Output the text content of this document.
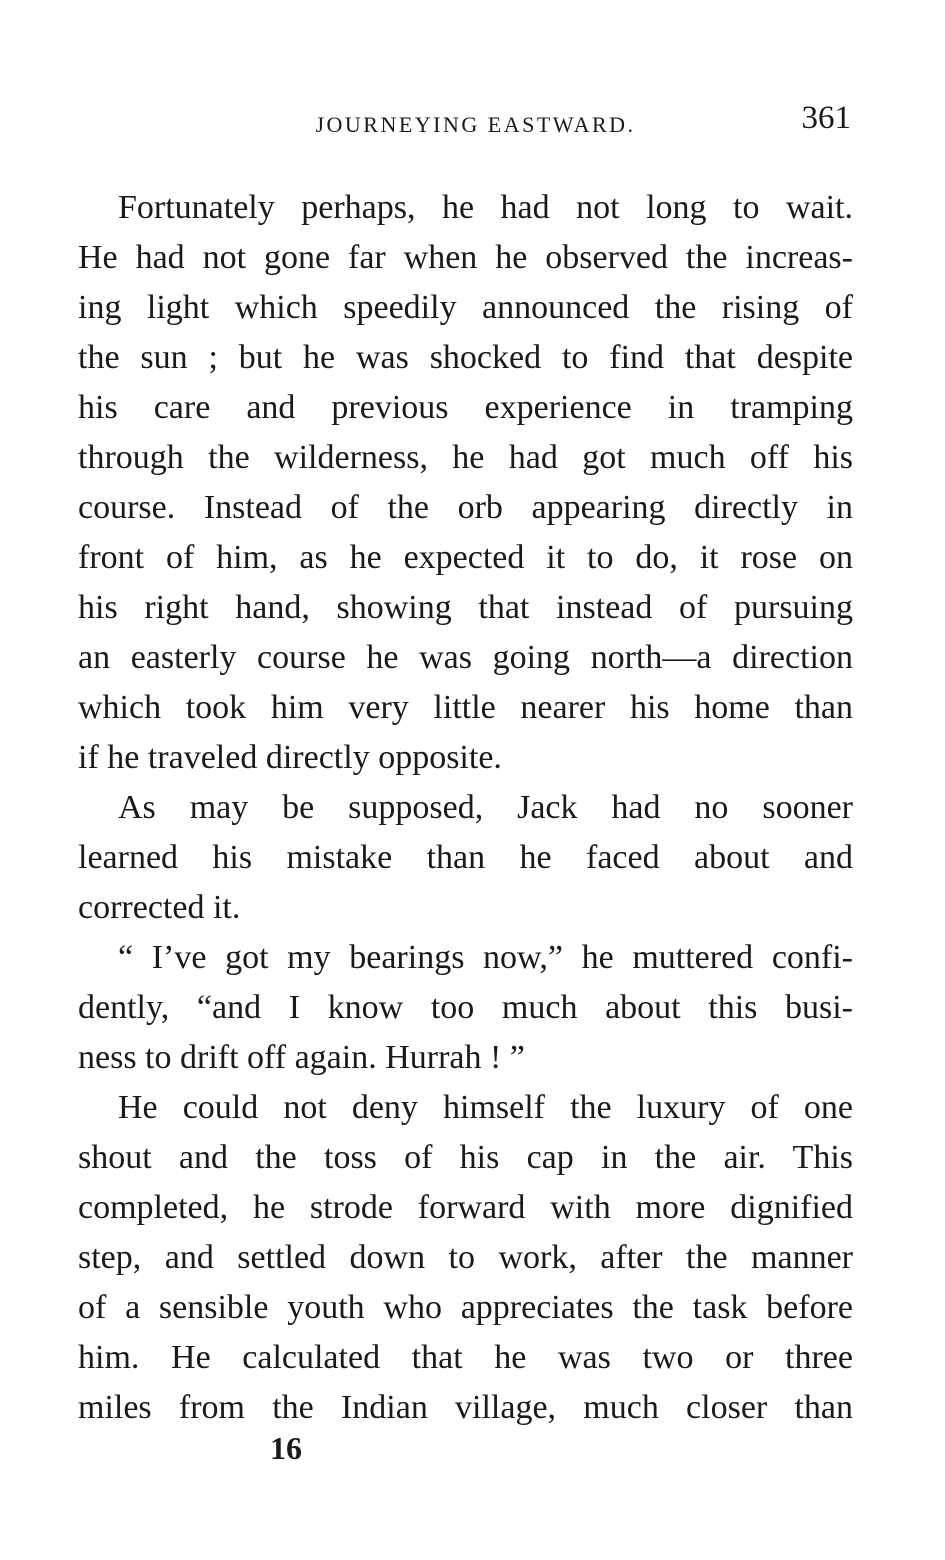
JOURNEYING EASTWARD.	361
Fortunately perhaps, he had not long to wait.
He had not gone far when he observed the increas-
ing light which speedily announced the rising of
the sun ; but he was shocked to find that despite
his care and previous experience in tramping
through the wilderness, he had got much off his
course. Instead of the orb appearing directly in
front of him, as he expected it to do, it rose on
his right hand, showing that instead of pursuing
an easterly course he was going north—a direction
which took him very little nearer his home than
if he traveled directly opposite.
As may be supposed, Jack had no sooner
learned his mistake than he faced about and
corrected it.
“ I’ve got my bearings now,” he muttered confi-
dently, “and I know too much about this busi-
ness to drift off again. Hurrah ! ”
He could not deny himself the luxury of one
shout and the toss of his cap in the air. This
completed, he strode forward with more dignified
step, and settled down to work, after the manner
of a sensible youth who appreciates the task before
him. He calculated that he was two or three
miles from the Indian village, much closer than
16
